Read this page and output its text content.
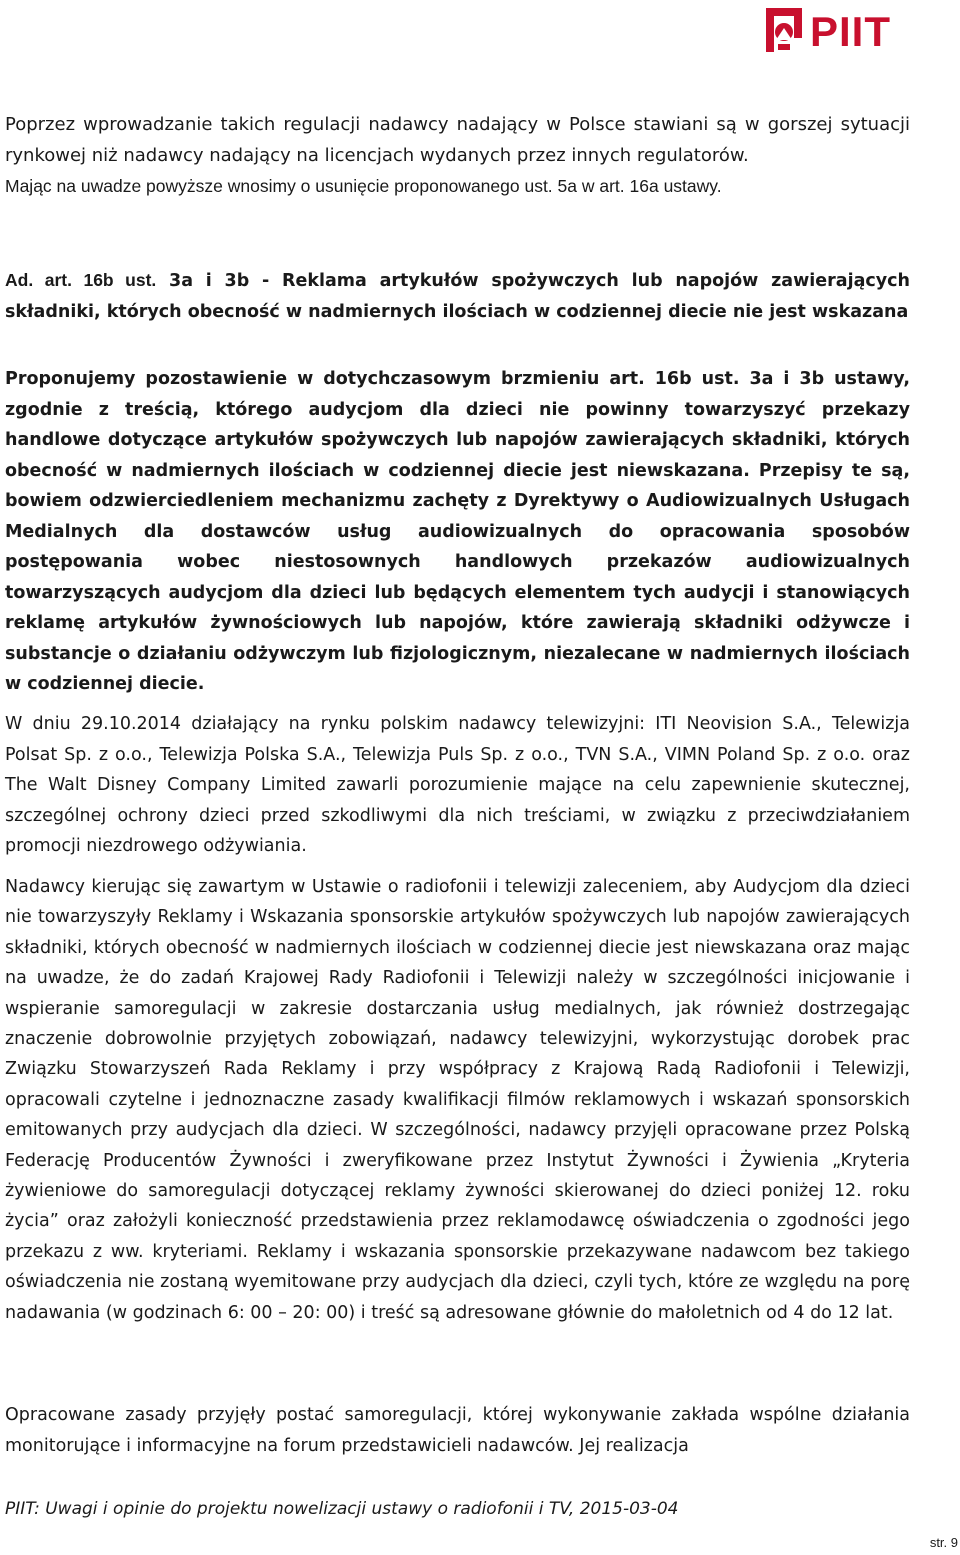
PIIT

Poprzez wprowadzanie takich regulacji nadawcy nadający w Polsce stawiani są w gorszej sytuacji rynkowej niż nadawcy nadający na licencjach wydanych przez innych regulatorów.
Mając na uwadze powyższe wnosimy o usunięcie proponowanego ust. 5a w art. 16a ustawy.

Ad. art. 16b ust. 3a i 3b - Reklama artykułów spożywczych lub napojów zawierających składniki, których obecność w nadmiernych ilościach w codziennej diecie nie jest wskazana

Proponujemy pozostawienie w dotychczasowym brzmieniu art. 16b ust. 3a i 3b ustawy, zgodnie z treścią, którego audycjom dla dzieci nie powinny towarzyszyć przekazy handlowe dotyczące artykułów spożywczych lub napojów zawierających składniki, których obecność w nadmiernych ilościach w codziennej diecie jest niewskazana. Przepisy te są, bowiem odzwierciedleniem mechanizmu zachęty z Dyrektywy o Audiowizualnych Usługach Medialnych dla dostawców usług audiowizualnych do opracowania sposobów postępowania wobec niestosownych handlowych przekazów audiowizualnych towarzyszących audycjom dla dzieci lub będących elementem tych audycji i stanowiących reklamę artykułów żywnościowych lub napojów, które zawierają składniki odżywcze i substancje o działaniu odżywczym lub fizjologicznym, niezalecane w nadmiernych ilościach w codziennej diecie.

W dniu 29.10.2014 działający na rynku polskim nadawcy telewizyjni: ITI Neovision S.A., Telewizja Polsat Sp. z o.o., Telewizja Polska S.A., Telewizja Puls Sp. z o.o., TVN S.A., VIMN Poland Sp. z o.o. oraz The Walt Disney Company Limited zawarli porozumienie mające na celu zapewnienie skutecznej, szczególnej ochrony dzieci przed szkodliwymi dla nich treściami, w związku z przeciwdziałaniem promocji niezdrowego odżywiania.

Nadawcy kierując się zawartym w Ustawie o radiofonii i telewizji zaleceniem, aby Audycjom dla dzieci nie towarzyszyły Reklamy i Wskazania sponsorskie artykułów spożywczych lub napojów zawierających składniki, których obecność w nadmiernych ilościach w codziennej diecie jest niewskazana oraz mając na uwadze, że do zadań Krajowej Rady Radiofonii i Telewizji należy w szczególności inicjowanie i wspieranie samoregulacji w zakresie dostarczania usług medialnych, jak również dostrzegając znaczenie dobrowolnie przyjętych zobowiązań, nadawcy telewizyjni, wykorzystując dorobek prac Związku Stowarzyszeń Rada Reklamy i przy współpracy z Krajową Radą Radiofonii i Telewizji, opracowali czytelne i jednoznaczne zasady kwalifikacji filmów reklamowych i wskazań sponsorskich emitowanych przy audycjach dla dzieci. W szczególności, nadawcy przyjęli opracowane przez Polską Federację Producentów Żywności i zweryfikowane przez Instytut Żywności i Żywienia „Kryteria żywieniowe do samoregulacji dotyczącej reklamy żywności skierowanej do dzieci poniżej 12. roku życia” oraz założyli konieczność przedstawienia przez reklamodawcę oświadczenia o zgodności jego przekazu z ww. kryteriami. Reklamy i wskazania sponsorskie przekazywane nadawcom bez takiego oświadczenia nie zostaną wyemitowane przy audycjach dla dzieci, czyli tych, które ze względu na porę nadawania (w godzinach 6: 00 – 20: 00) i treść są adresowane głównie do małoletnich od 4 do 12 lat.

Opracowane zasady przyjęły postać samoregulacji, której wykonywanie zakłada wspólne działania monitorujące i informacyjne na forum przedstawicieli nadawców. Jej realizacja

PIIT: Uwagi i opinie do projektu nowelizacji ustawy o radiofonii i TV, 2015-03-04
str. 9
